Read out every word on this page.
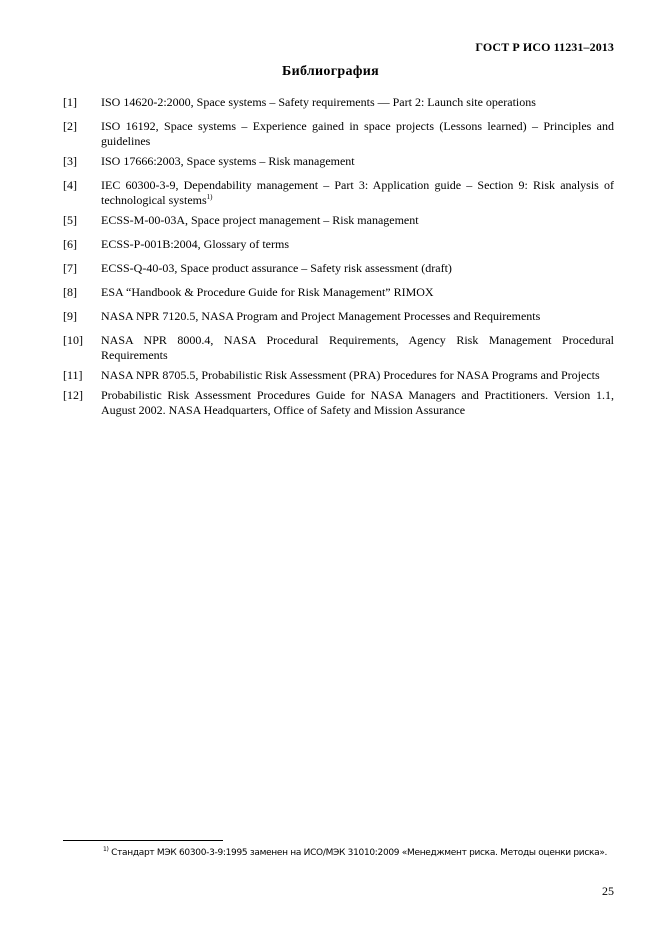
ГОСТ Р ИСО 11231–2013
Библиография
[1]	ISO 14620-2:2000, Space systems – Safety requirements — Part 2: Launch site operations
[2]	ISO 16192, Space systems – Experience gained in space projects (Lessons learned) – Principles and guidelines
[3]	ISO 17666:2003, Space systems – Risk management
[4]	IEC 60300-3-9, Dependability management – Part 3: Application guide – Section 9: Risk analysis of technological systems$^{1)}$
[5]	ECSS-M-00-03A, Space project management – Risk management
[6]	ECSS-P-001B:2004, Glossary of terms
[7]	ECSS-Q-40-03, Space product assurance – Safety risk assessment (draft)
[8]	ESA “Handbook & Procedure Guide for Risk Management” RIMOX
[9]	NASA NPR 7120.5, NASA Program and Project Management Processes and Requirements
[10]	NASA NPR 8000.4, NASA Procedural Requirements, Agency Risk Management Procedural Requirements
[11]	NASA NPR 8705.5, Probabilistic Risk Assessment (PRA) Procedures for NASA Programs and Projects
[12]	Probabilistic Risk Assessment Procedures Guide for NASA Managers and Practitioners. Version 1.1, August 2002. NASA Headquarters, Office of Safety and Mission Assurance
$^{1)}$ Стандарт МЭК 60300-3-9:1995 заменен на ИСО/МЭК 31010:2009 «Менеджмент риска. Методы оценки риска».
25
